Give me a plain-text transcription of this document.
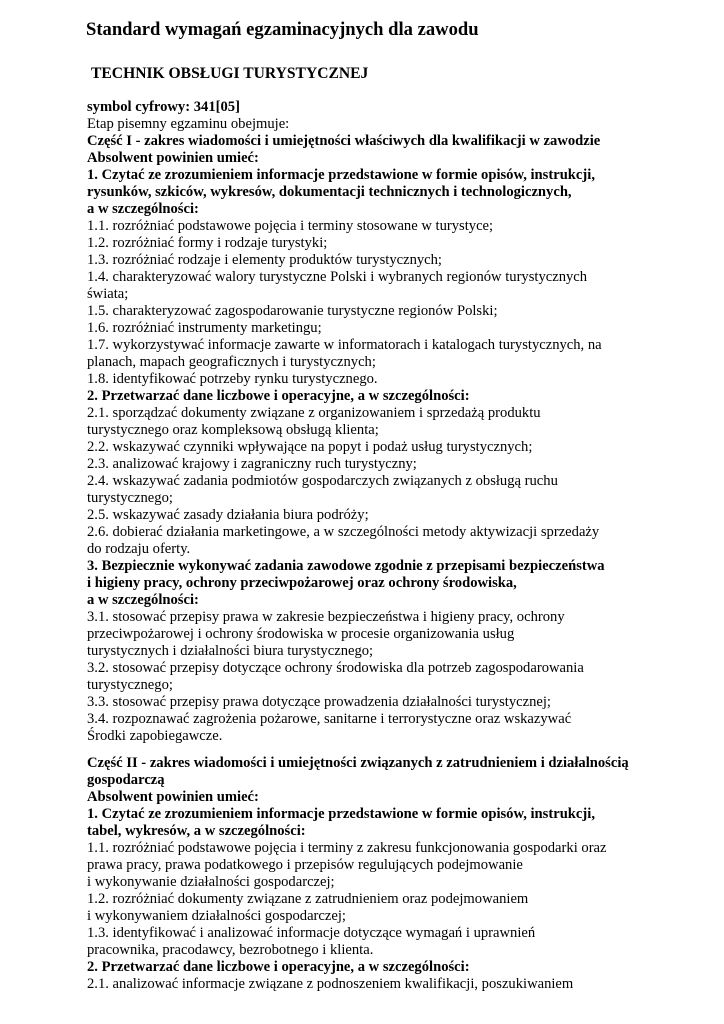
Standard wymagań egzaminacyjnych dla zawodu
TECHNIK OBSŁUGI TURYSTYCZNEJ

symbol cyfrowy: 341[05]

Etap pisemny egzaminu obejmuje:

Część I - zakres wiadomości i umiejętności właściwych dla kwalifikacji w zawodzie

Absolwent powinien umieć:

1. Czytać ze zrozumieniem informacje przedstawione w formie opisów, instrukcji,

rysunków, szkiców, wykresów, dokumentacji technicznych i technologicznych,

a w szczególności:

1.1. rozróżniać podstawowe pojęcia i terminy stosowane w turystyce;

1.2. rozróżniać formy i rodzaje turystyki;

1.3. rozróżniać rodzaje i elementy produktów turystycznych;

1.4. charakteryzować walory turystyczne Polski i wybranych regionów turystycznych

świata;

1.5. charakteryzować zagospodarowanie turystyczne regionów Polski;

1.6. rozróżniać instrumenty marketingu;

1.7. wykorzystywać informacje zawarte w informatorach i katalogach turystycznych, na

planach, mapach geograficznych i turystycznych;

1.8. identyfikować potrzeby rynku turystycznego.

2. Przetwarzać dane liczbowe i operacyjne, a w szczególności:

2.1. sporządzać dokumenty związane z organizowaniem i sprzedażą produktu

turystycznego oraz kompleksową obsługą klienta;

2.2. wskazywać czynniki wpływające na popyt i podaż usług turystycznych;

2.3. analizować krajowy i zagraniczny ruch turystyczny;

2.4. wskazywać zadania podmiotów gospodarczych związanych z obsługą ruchu

turystycznego;

2.5. wskazywać zasady działania biura podróży;

2.6. dobierać działania marketingowe, a w szczególności metody aktywizacji sprzedaży

do rodzaju oferty.

3. Bezpiecznie wykonywać zadania zawodowe zgodnie z przepisami bezpieczeństwa

i higieny pracy, ochrony przeciwpożarowej oraz ochrony środowiska,

a w szczególności:

3.1. stosować przepisy prawa w zakresie bezpieczeństwa i higieny pracy, ochrony

przeciwpożarowej i ochrony środowiska w procesie organizowania usług

turystycznych i działalności biura turystycznego;

3.2. stosować przepisy dotyczące ochrony środowiska dla potrzeb zagospodarowania

turystycznego;

3.3. stosować przepisy prawa dotyczące prowadzenia działalności turystycznej;

3.4. rozpoznawać zagrożenia pożarowe, sanitarne i terrorystyczne oraz wskazywać

Środki zapobiegawcze.

Część II - zakres wiadomości i umiejętności związanych z zatrudnieniem i działalnością

gospodarczą

Absolwent powinien umieć:

1. Czytać ze zrozumieniem informacje przedstawione w formie opisów, instrukcji,

tabel, wykresów, a w szczególności:

1.1. rozróżniać podstawowe pojęcia i terminy z zakresu funkcjonowania gospodarki oraz

prawa pracy, prawa podatkowego i przepisów regulujących podejmowanie

i wykonywanie działalności gospodarczej;

1.2. rozróżniać dokumenty związane z zatrudnieniem oraz podejmowaniem

i wykonywaniem działalności gospodarczej;

1.3. identyfikować i analizować informacje dotyczące wymagań i uprawnień

pracownika, pracodawcy, bezrobotnego i klienta.

2. Przetwarzać dane liczbowe i operacyjne, a w szczególności:

2.1. analizować informacje związane z podnoszeniem kwalifikacji, poszukiwaniem
